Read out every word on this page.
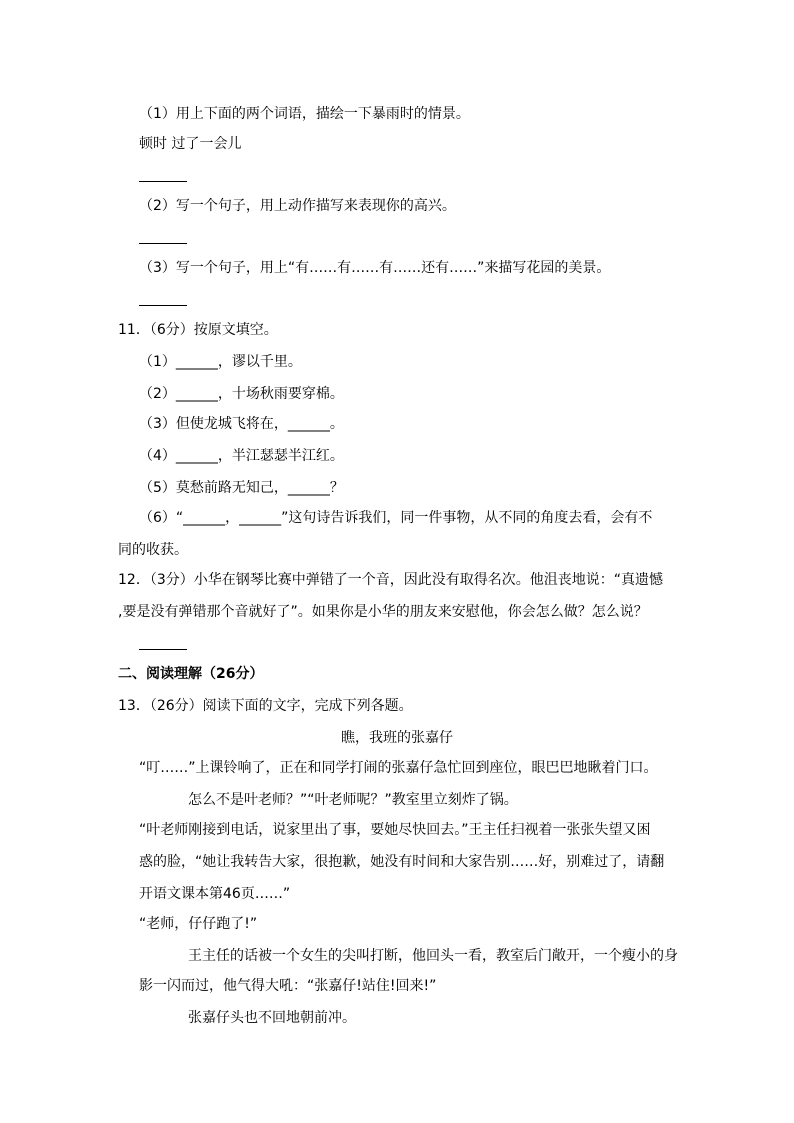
（1）用上下面的两个词语，描绘一下暴雨时的情景。
顿时 过了一会儿
（2）写一个句子，用上动作描写来表现你的高兴。
（3）写一个句子，用上“有……有……有……还有……”来描写花园的美景。
11．（6分）按原文填空。
（1）______，谬以千里。
（2）______，十场秋雨要穿棉。
（3）但使龙城飞将在，______。
（4）______，半江瑟瑟半江红。
（5）莫愁前路无知己，______？
（6）“______，______”这句诗告诉我们，同一件事物，从不同的角度去看，会有不
同的收获。
12．（3分）小华在钢琴比赛中弹错了一个音，因此没有取得名次。他沮丧地说：“真遗憾
,要是没有弹错那个音就好了”。如果你是小华的朋友来安慰他，你会怎么做？怎么说？
二、阅读理解（26分）
13．（26分）阅读下面的文字，完成下列各题。
瞧，我班的张嘉仔
“叮……”上课铃响了，正在和同学打闹的张嘉仔急忙回到座位，眼巴巴地瞅着门口。
怎么不是叶老师？”“叶老师呢？”教室里立刻炸了锅。
“叶老师刚接到电话，说家里出了事，要她尽快回去。”王主任扫视着一张张失望又困
惑的脸，“她让我转告大家，很抱歉，她没有时间和大家告别……好，别难过了，请翻
开语文课本第46页……”
“老师，仔仔跑了!”
王主任的话被一个女生的尖叫打断，他回头一看，教室后门敞开，一个瘦小的身
影一闪而过，他气得大吼：“张嘉仔!站住!回来!”
张嘉仔头也不回地朝前冲。
